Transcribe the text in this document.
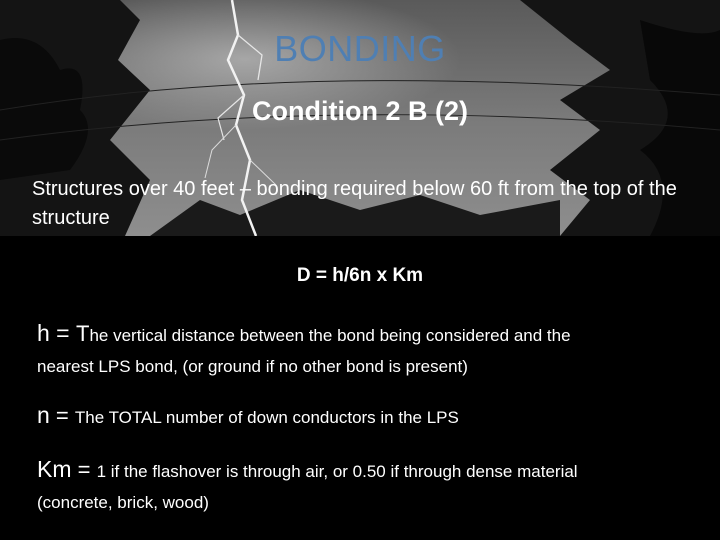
BONDING
Condition 2 B (2)
Structures over 40 feet – bonding required below 60 ft from the top of the structure
D = h/6n x Km
h = The vertical distance between the bond being considered and the
nearest LPS bond, (or ground if no other bond is present)
n = The TOTAL number of down conductors in the LPS
Km = 1 if the flashover is through air, or 0.50 if through dense material
(concrete, brick, wood)
